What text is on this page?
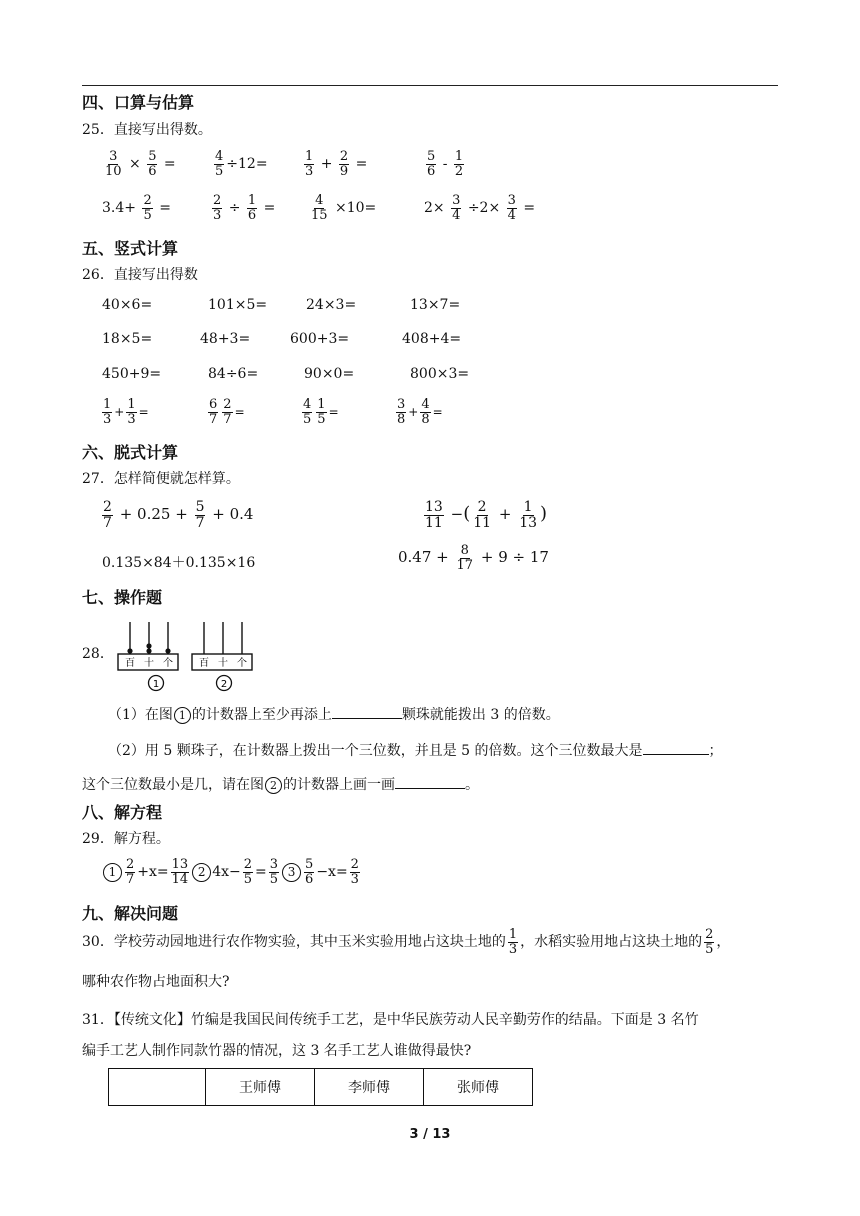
四、口算与估算
25．直接写出得数。
$\frac{3}{10} \times \frac{5}{6}$ =	$\frac{4}{5} \div 12=$	$\frac{1}{3} + \frac{2}{9}$ =	$\frac{5}{6} - \frac{1}{2}$
$3.4+ \frac{2}{5}$ =	$\frac{2}{3} \div \frac{1}{6}$ =	$\frac{4}{15} \times 10=$	$2\times \frac{3}{4} \div 2\times \frac{3}{4}$ =
五、竖式计算
26．直接写出得数
40×6=	101×5=	24×3=	13×7=
18×5=	48+3=	600+3=	408+4=
450+9=	84÷6=	90×0=	800×3=
$\frac{1}{3} + \frac{1}{3}$ =	$\frac{6}{7} \frac{2}{7}$ =	$\frac{4}{5} \frac{1}{5}$ =	$\frac{3}{8} + \frac{4}{8}$ =
六、脱式计算
27．怎样简便就怎样算。
$\frac{2}{7} + 0.25 + \frac{5}{7} + 0.4$	$\frac{13}{11}$ −( $\frac{2}{11} + \frac{1}{13}$ )
0.135×84＋0.135×16	$0.47 + \frac{8}{17} + 9 \div 17$
七、操作题
28．
百 十 个
1
百 十 个
2
（1）在图 1 的计数器上至少再添上	颗珠就能拨出 3 的倍数。
（2）用 5 颗珠子，在计数器上拨出一个三位数，并且是 5 的倍数。这个三位数最大是	；
这个三位数最小是几，请在图 2 的计数器上画一画	。
八、解方程
29．解方程。
$1 \frac{2}{7} +x= \frac{13}{14} 2$ $4x- \frac{2}{5} = \frac{3}{5} 3 \frac{5}{6} -x= \frac{2}{3}$
九、解决问题
30．学校劳动园地进行农作物实验，其中玉米实验用地占这块土地的 $\frac{1}{3}$ ，水稻实验用地占这块土地的 $\frac{2}{5}$ ，
哪种农作物占地面积大?
31．【传统文化】竹编是我国民间传统手工艺，是中华民族劳动人民辛勤劳作的结晶。下面是 3 名竹
编手工艺人制作同款竹器的情况，这 3 名手工艺人谁做得最快?
	王师傅	李师傅	张师傅
3 / 13
